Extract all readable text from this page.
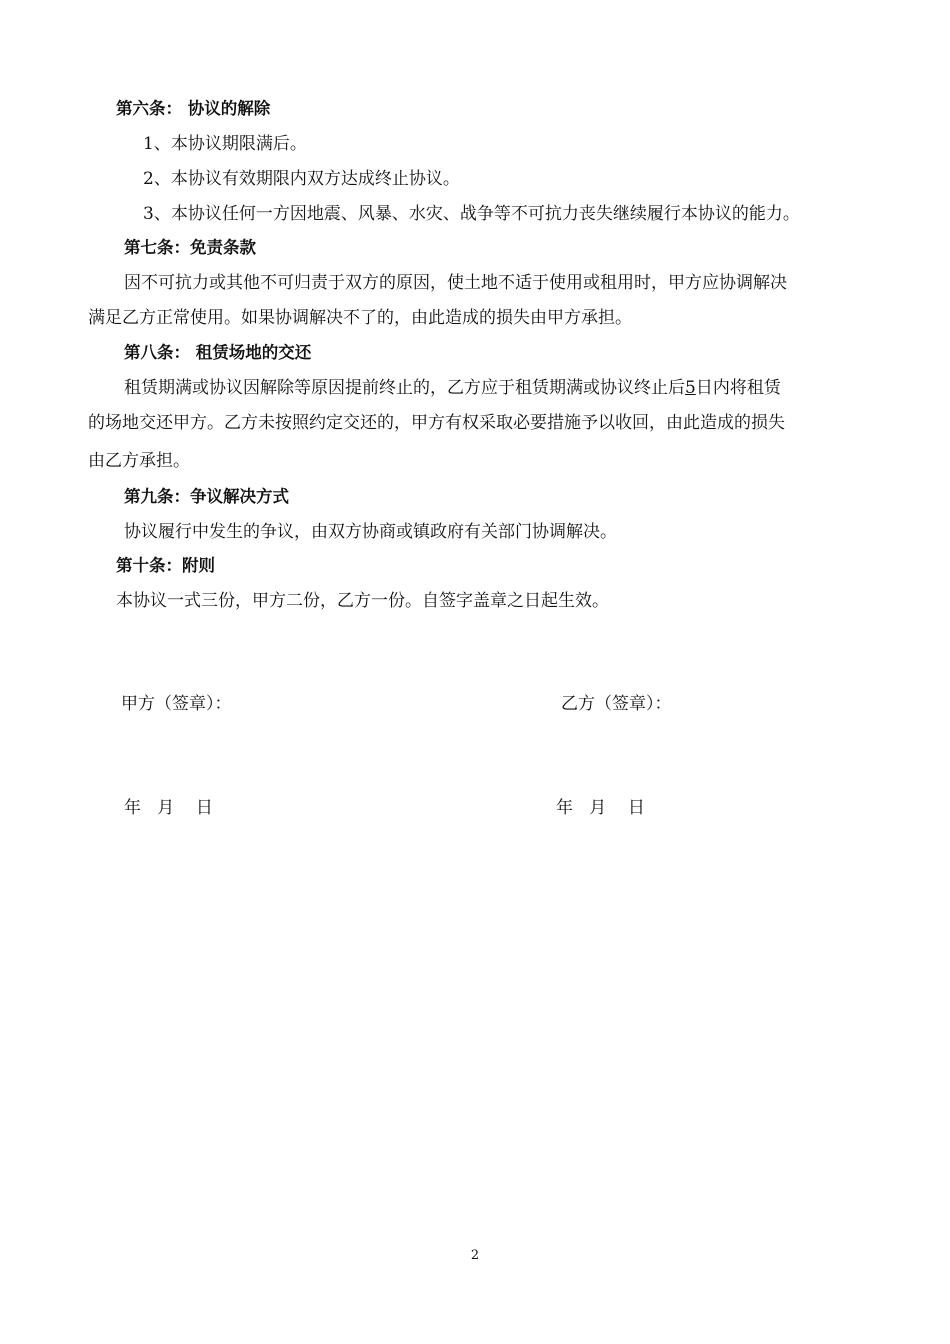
第六条： 协议的解除
1、本协议期限满后。
2、本协议有效期限内双方达成终止协议。
3、本协议任何一方因地震、风暴、水灾、战争等不可抗力丧失继续履行本协议的能力。
第七条：免责条款
因不可抗力或其他不可归责于双方的原因，使土地不适于使用或租用时，甲方应协调解决
满足乙方正常使用。如果协调解决不了的，由此造成的损失由甲方承担。
第八条： 租赁场地的交还
租赁期满或协议因解除等原因提前终止的，乙方应于租赁期满或协议终止后5日内将租赁
的场地交还甲方。乙方未按照约定交还的，甲方有权采取必要措施予以收回，由此造成的损失
由乙方承担。
第九条：争议解决方式
协议履行中发生的争议，由双方协商或镇政府有关部门协调解决。
第十条：附则
本协议一式三份，甲方二份，乙方一份。自签字盖章之日起生效。
甲方（签章）：	乙方（签章）：
年   月    日	年   月    日
2
